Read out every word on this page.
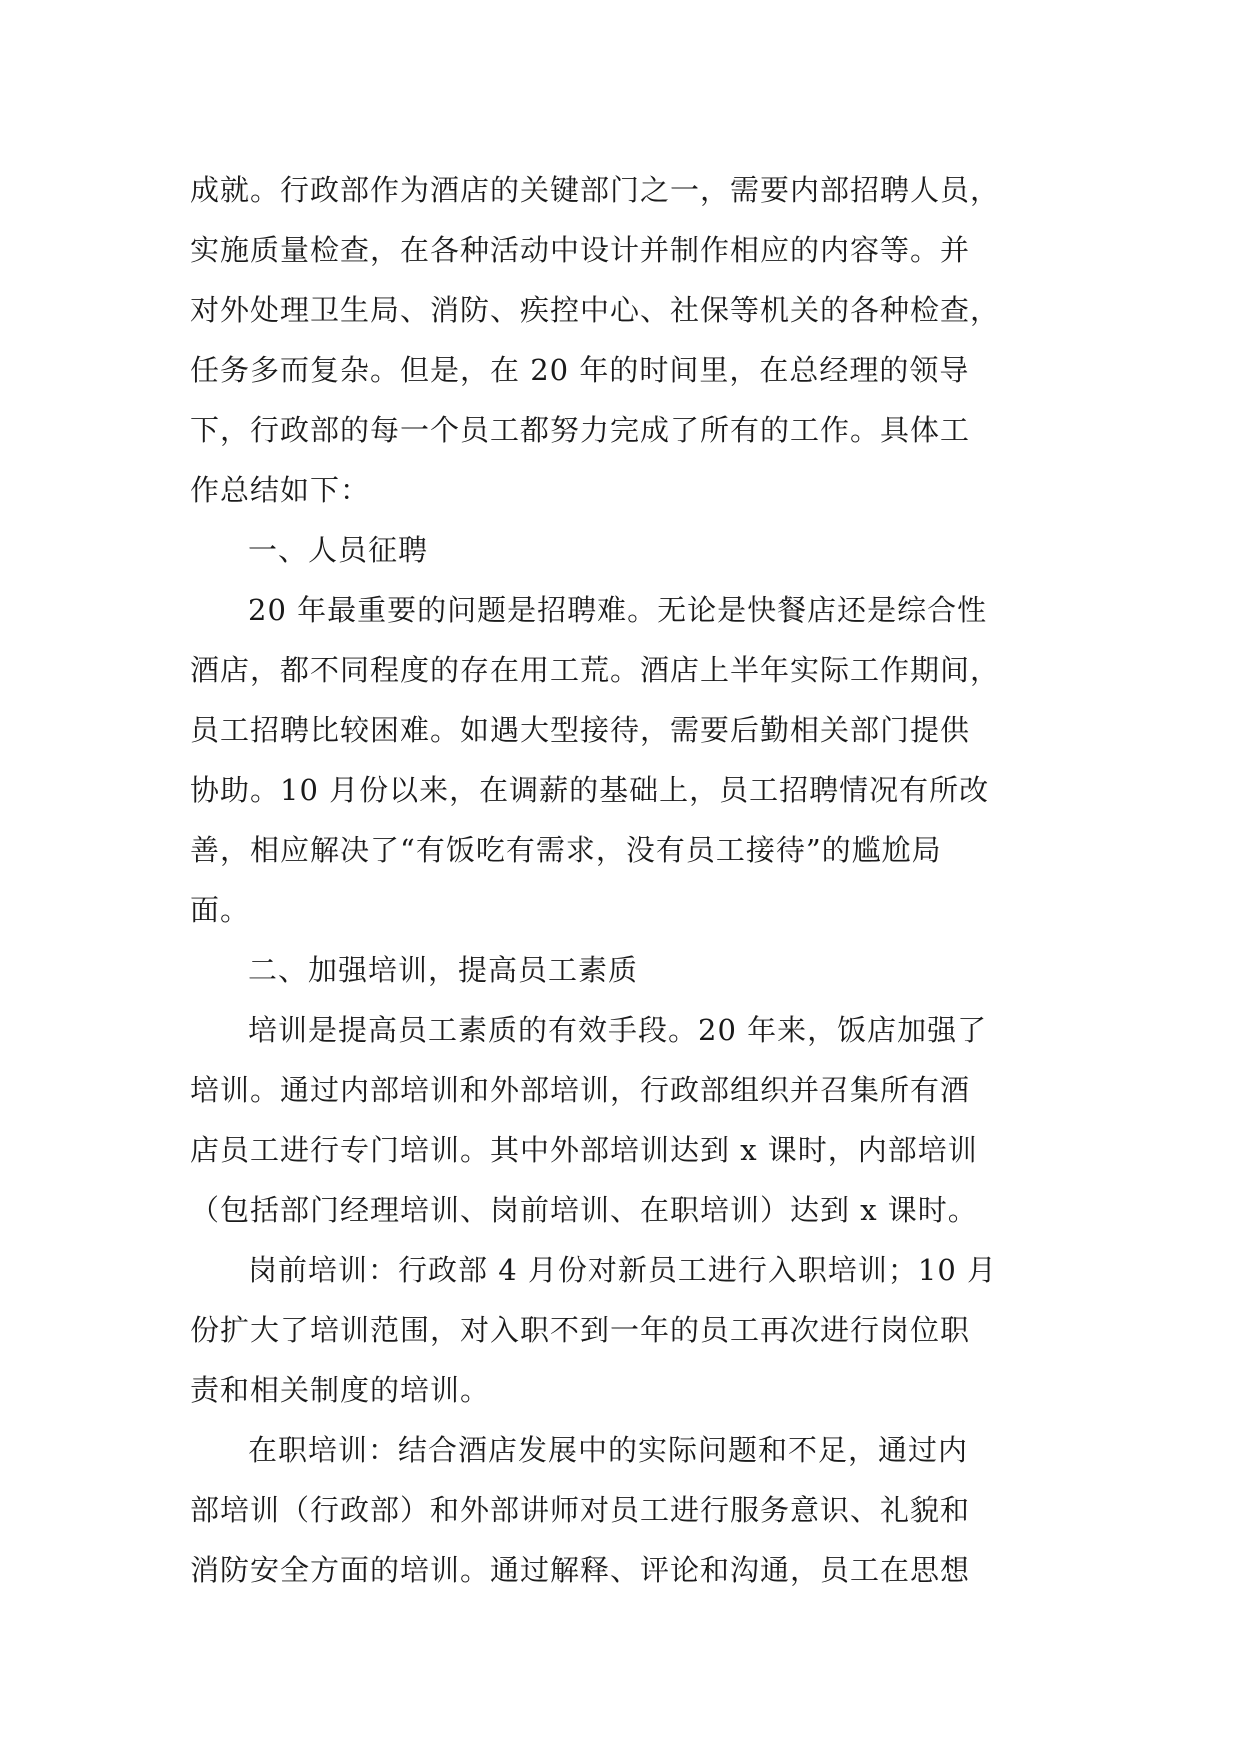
成就。行政部作为酒店的关键部门之一，需要内部招聘人员，
实施质量检查，在各种活动中设计并制作相应的内容等。并
对外处理卫生局、消防、疾控中心、社保等机关的各种检查，
任务多而复杂。但是，在 20 年的时间里，在总经理的领导
下，行政部的每一个员工都努力完成了所有的工作。具体工
作总结如下：
一、人员征聘
20 年最重要的问题是招聘难。无论是快餐店还是综合性
酒店，都不同程度的存在用工荒。酒店上半年实际工作期间，
员工招聘比较困难。如遇大型接待，需要后勤相关部门提供
协助。10 月份以来，在调薪的基础上，员工招聘情况有所改
善，相应解决了“有饭吃有需求，没有员工接待”的尴尬局
面。
二、加强培训，提高员工素质
培训是提高员工素质的有效手段。20 年来，饭店加强了
培训。通过内部培训和外部培训，行政部组织并召集所有酒
店员工进行专门培训。其中外部培训达到 x 课时，内部培训
（包括部门经理培训、岗前培训、在职培训）达到 x 课时。
岗前培训：行政部 4 月份对新员工进行入职培训；10 月
份扩大了培训范围，对入职不到一年的员工再次进行岗位职
责和相关制度的培训。
在职培训：结合酒店发展中的实际问题和不足，通过内
部培训（行政部）和外部讲师对员工进行服务意识、礼貌和
消防安全方面的培训。通过解释、评论和沟通，员工在思想
